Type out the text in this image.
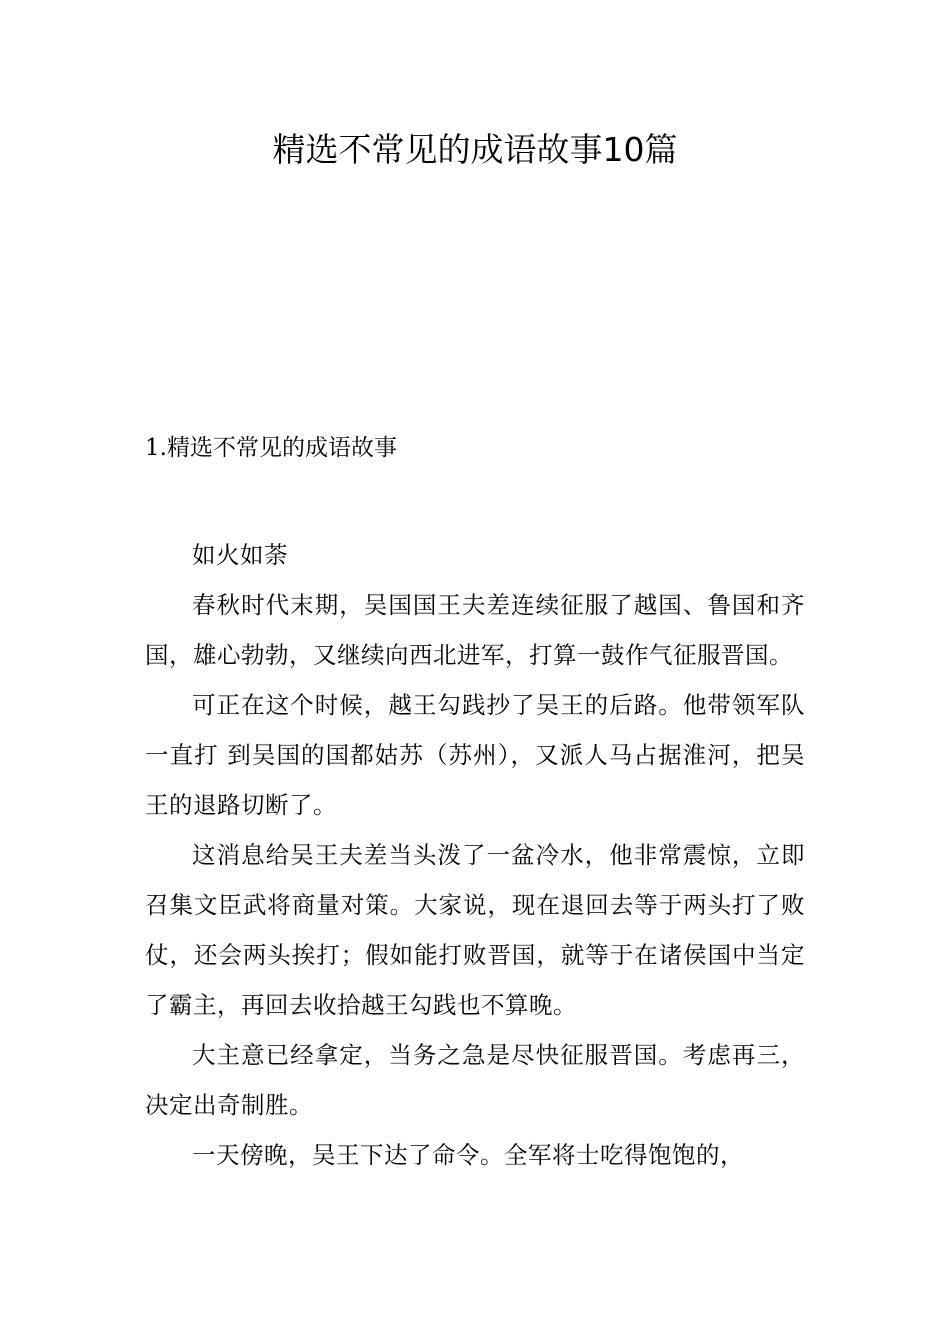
精选不常见的成语故事10篇
1.精选不常见的成语故事

如火如荼

春秋时代末期，吴国国王夫差连续征服了越国、鲁国和齐国，雄心勃勃，又继续向西北进军，打算一鼓作气征服晋国。

可正在这个时候，越王勾践抄了吴王的后路。他带领军队一直打 到吴国的国都姑苏（苏州），又派人马占据淮河，把吴王的退路切断了。

这消息给吴王夫差当头泼了一盆冷水，他非常震惊，立即召集文臣武将商量对策。大家说，现在退回去等于两头打了败仗，还会两头挨打；假如能打败晋国，就等于在诸侯国中当定了霸主，再回去收拾越王勾践也不算晚。

大主意已经拿定，当务之急是尽快征服晋国。考虑再三，决定出奇制胜。

一天傍晚，吴王下达了命令。全军将士吃得饱饱的，
